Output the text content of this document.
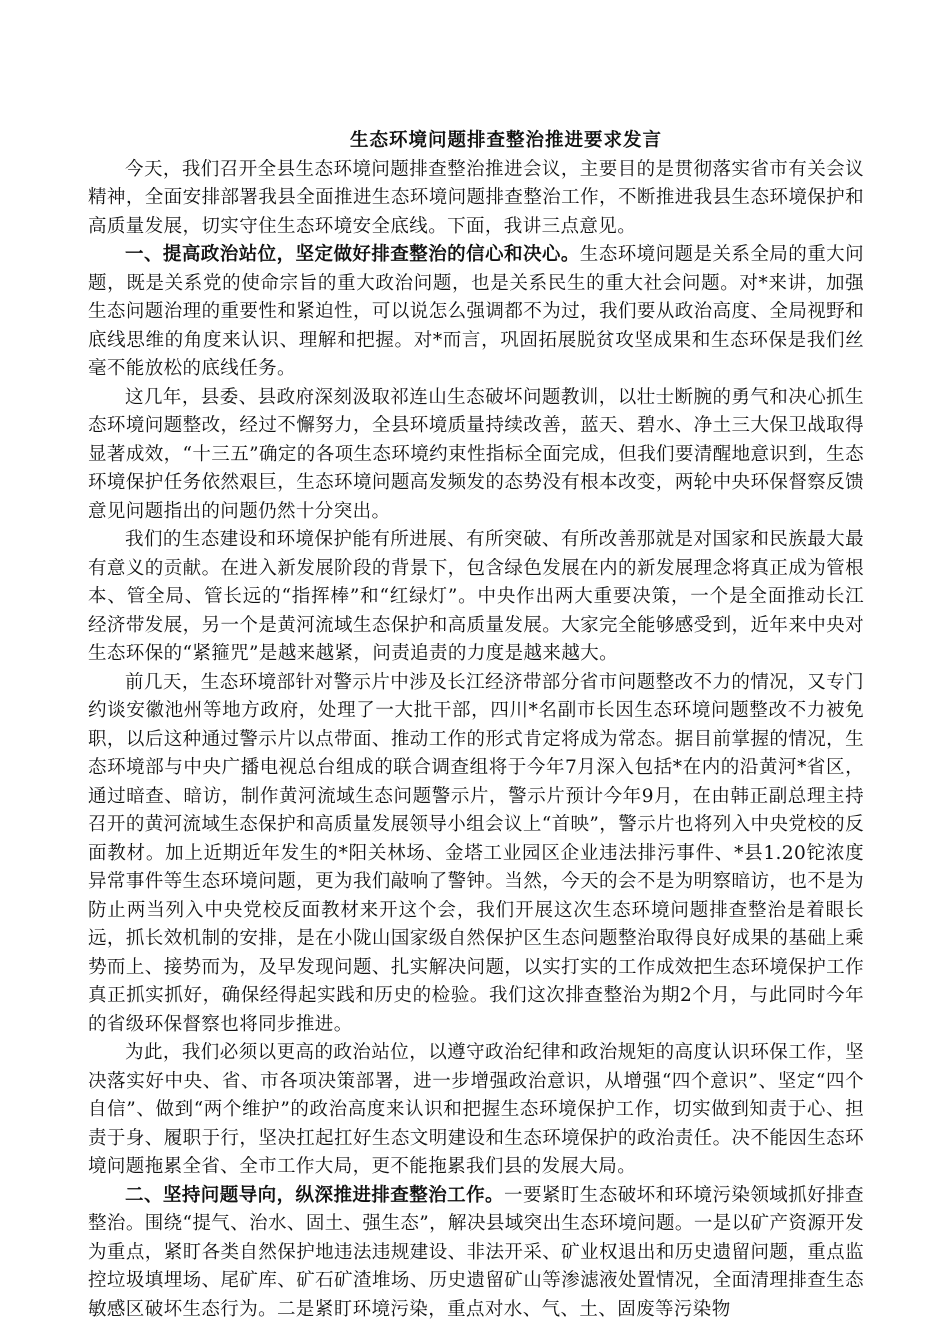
生态环境问题排查整治推进要求发言

今天，我们召开全县生态环境问题排查整治推进会议，主要目的是贯彻落实省市有关会议精神，全面安排部署我县全面推进生态环境问题排查整治工作，不断推进我县生态环境保护和高质量发展，切实守住生态环境安全底线。下面，我讲三点意见。

一、提高政治站位，坚定做好排查整治的信心和决心。生态环境问题是关系全局的重大问题，既是关系党的使命宗旨的重大政治问题，也是关系民生的重大社会问题。对*来讲，加强生态问题治理的重要性和紧迫性，可以说怎么强调都不为过，我们要从政治高度、全局视野和底线思维的角度来认识、理解和把握。对*而言，巩固拓展脱贫攻坚成果和生态环保是我们丝毫不能放松的底线任务。

这几年，县委、县政府深刻汲取祁连山生态破坏问题教训，以壮士断腕的勇气和决心抓生态环境问题整改，经过不懈努力，全县环境质量持续改善，蓝天、碧水、净土三大保卫战取得显著成效，“十三五”确定的各项生态环境约束性指标全面完成，但我们要清醒地意识到，生态环境保护任务依然艰巨，生态环境问题高发频发的态势没有根本改变，两轮中央环保督察反馈意见问题指出的问题仍然十分突出。

我们的生态建设和环境保护能有所进展、有所突破、有所改善那就是对国家和民族最大最有意义的贡献。在进入新发展阶段的背景下，包含绿色发展在内的新发展理念将真正成为管根本、管全局、管长远的“指挥棒”和“红绿灯”。中央作出两大重要决策，一个是全面推动长江经济带发展，另一个是黄河流域生态保护和高质量发展。大家完全能够感受到，近年来中央对生态环保的“紧箍咒”是越来越紧，问责追责的力度是越来越大。

前几天，生态环境部针对警示片中涉及长江经济带部分省市问题整改不力的情况，又专门约谈安徽池州等地方政府，处理了一大批干部，四川*名副市长因生态环境问题整改不力被免职，以后这种通过警示片以点带面、推动工作的形式肯定将成为常态。据目前掌握的情况，生态环境部与中央广播电视总台组成的联合调查组将于今年7月深入包括*在内的沿黄河*省区，通过暗查、暗访，制作黄河流域生态问题警示片，警示片预计今年9月，在由韩正副总理主持召开的黄河流域生态保护和高质量发展领导小组会议上“首映”，警示片也将列入中央党校的反面教材。加上近期近年发生的*阳关林场、金塔工业园区企业违法排污事件、*县1.20铊浓度异常事件等生态环境问题，更为我们敲响了警钟。当然，今天的会不是为明察暗访，也不是为防止两当列入中央党校反面教材来开这个会，我们开展这次生态环境问题排查整治是着眼长远，抓长效机制的安排，是在小陇山国家级自然保护区生态问题整治取得良好成果的基础上乘势而上、接势而为，及早发现问题、扎实解决问题，以实打实的工作成效把生态环境保护工作真正抓实抓好，确保经得起实践和历史的检验。我们这次排查整治为期2个月，与此同时今年的省级环保督察也将同步推进。

为此，我们必须以更高的政治站位，以遵守政治纪律和政治规矩的高度认识环保工作，坚决落实好中央、省、市各项决策部署，进一步增强政治意识，从增强“四个意识”、坚定“四个自信”、做到“两个维护”的政治高度来认识和把握生态环境保护工作，切实做到知责于心、担责于身、履职于行，坚决扛起扛好生态文明建设和生态环境保护的政治责任。决不能因生态环境问题拖累全省、全市工作大局，更不能拖累我们县的发展大局。

二、坚持问题导向，纵深推进排查整治工作。一要紧盯生态破坏和环境污染领域抓好排查整治。围绕“提气、治水、固土、强生态”，解决县域突出生态环境问题。一是以矿产资源开发为重点，紧盯各类自然保护地违法违规建设、非法开采、矿业权退出和历史遗留问题，重点监控垃圾填埋场、尾矿库、矿石矿渣堆场、历史遗留矿山等渗滤液处置情况，全面清理排查生态敏感区破坏生态行为。二是紧盯环境污染，重点对水、气、土、固废等污染物
